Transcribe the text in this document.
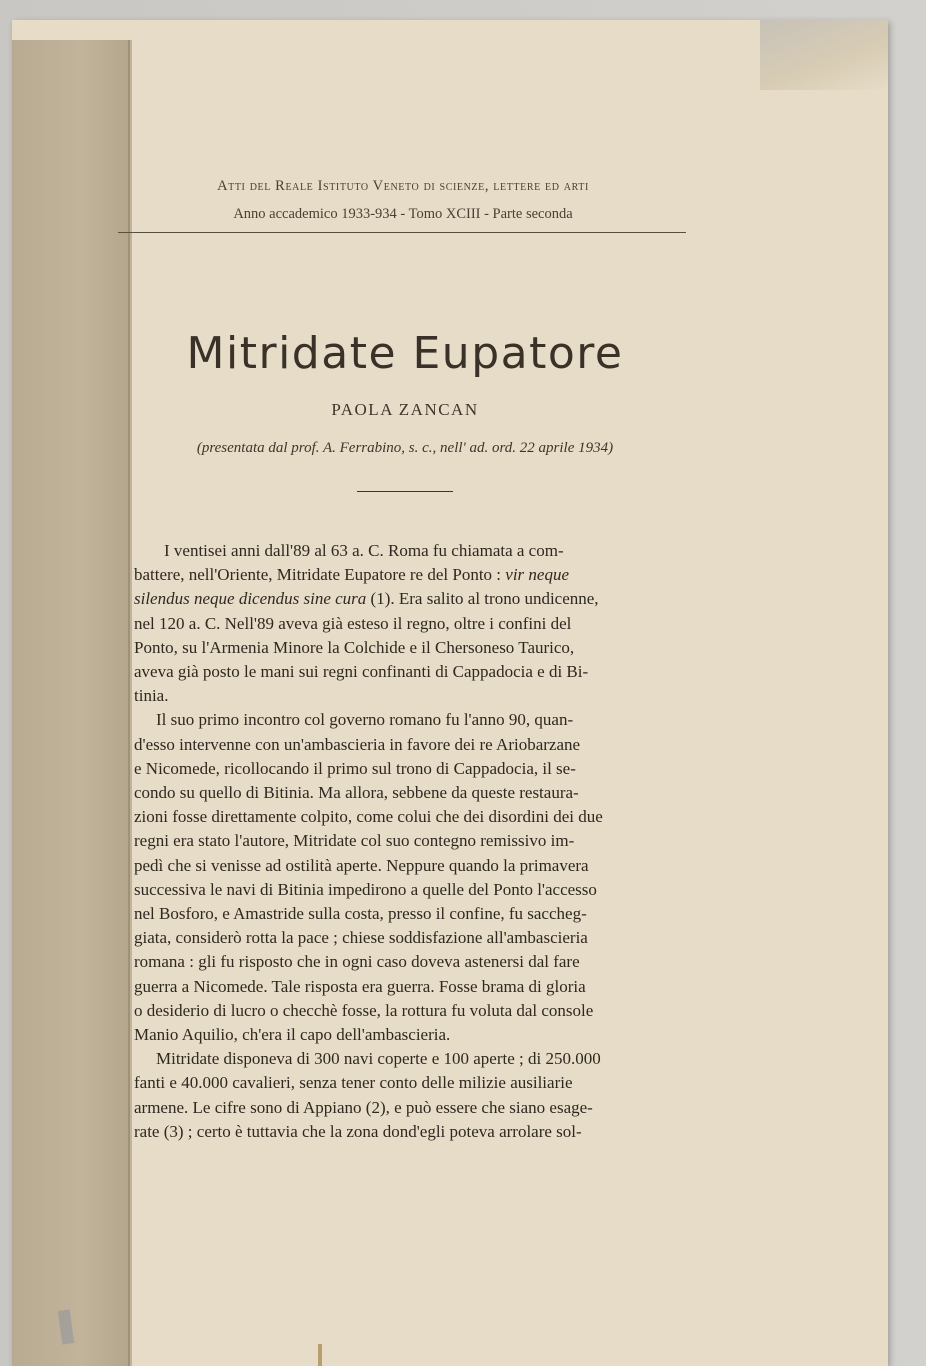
Atti del Reale Istituto Veneto di scienze, lettere ed arti
Anno accademico 1933-934 - Tomo XCIII - Parte seconda
Mitridate Eupatore
PAOLA ZANCAN
(presentata dal prof. A. Ferrabino, s. c., nell' ad. ord. 22 aprile 1934)
I ventisei anni dall'89 al 63 a. C. Roma fu chiamata a com-
battere, nell'Oriente, Mitridate Eupatore re del Ponto : vir neque
silendus neque dicendus sine cura (1). Era salito al trono undicenne,
nel 120 a. C. Nell'89 aveva già esteso il regno, oltre i confini del
Ponto, su l'Armenia Minore la Colchide e il Chersoneso Taurico,
aveva già posto le mani sui regni confinanti di Cappadocia e di Bi-
tinia.
Il suo primo incontro col governo romano fu l'anno 90, quan-
d'esso intervenne con un'ambascieria in favore dei re Ariobarzane
e Nicomede, ricollocando il primo sul trono di Cappadocia, il se-
condo su quello di Bitinia. Ma allora, sebbene da queste restaura-
zioni fosse direttamente colpito, come colui che dei disordini dei due
regni era stato l'autore, Mitridate col suo contegno remissivo im-
pedì che si venisse ad ostilità aperte. Neppure quando la primavera
successiva le navi di Bitinia impedirono a quelle del Ponto l'accesso
nel Bosforo, e Amastride sulla costa, presso il confine, fu saccheg-
giata, considerò rotta la pace ; chiese soddisfazione all'ambascieria
romana : gli fu risposto che in ogni caso doveva astenersi dal fare
guerra a Nicomede. Tale risposta era guerra. Fosse brama di gloria
o desiderio di lucro o checchè fosse, la rottura fu voluta dal console
Manio Aquilio, ch'era il capo dell'ambascieria.
Mitridate disponeva di 300 navi coperte e 100 aperte ; di 250.000
fanti e 40.000 cavalieri, senza tener conto delle milizie ausiliarie
armene. Le cifre sono di Appiano (2), e può essere che siano esage-
rate (3) ; certo è tuttavia che la zona dond'egli poteva arrolare sol-
